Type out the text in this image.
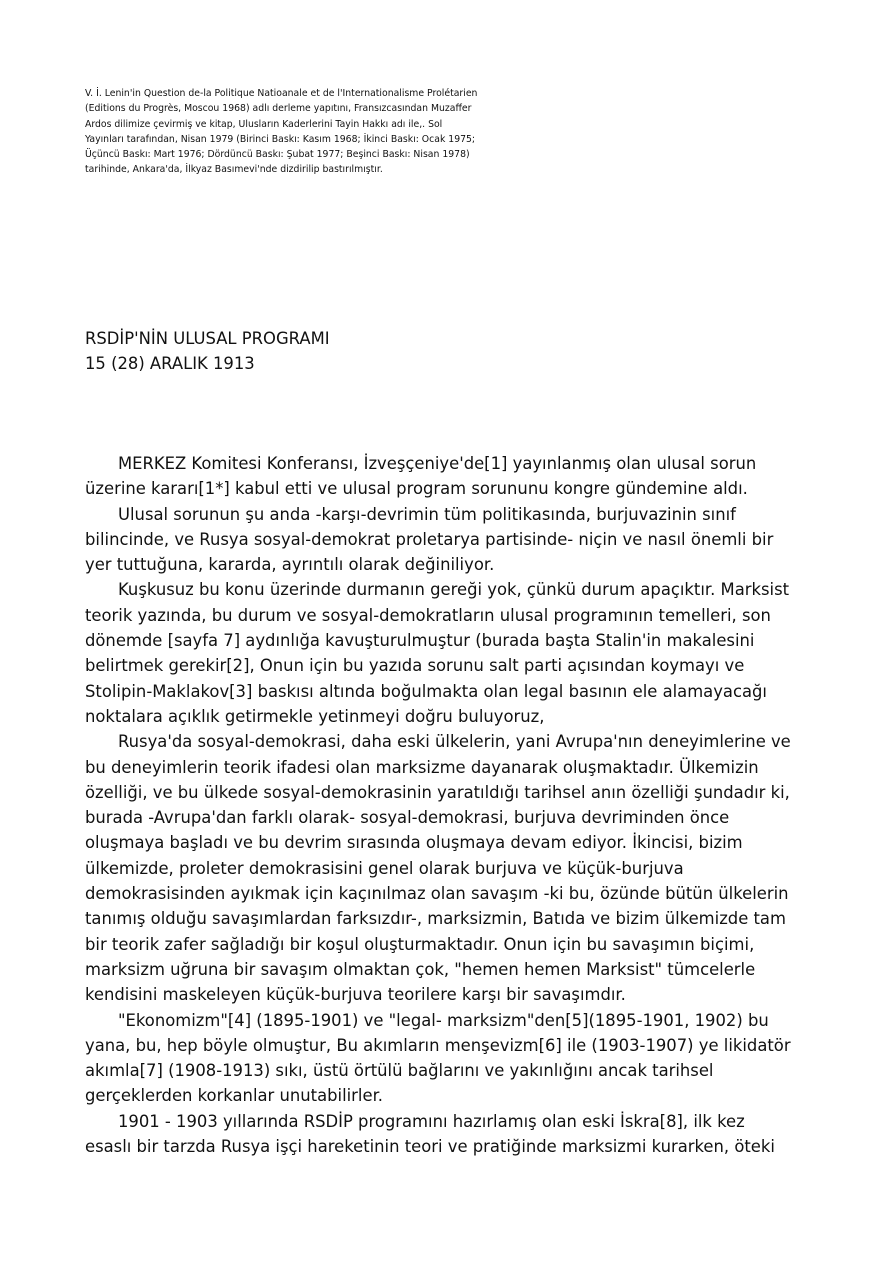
V. İ. Lenin'in Question de-la Politique Natioanale et de l'Internationalisme Prolétarien
(Editions du Progrès, Moscou 1968) adlı derleme yapıtını, Fransızcasından Muzaffer
Ardos dilimize çevirmiş ve kitap, Ulusların Kaderlerini Tayin Hakkı adı ile,. Sol
Yayınları tarafından, Nisan 1979 (Birinci Baskı: Kasım 1968; İkinci Baskı: Ocak 1975;
Üçüncü Baskı: Mart 1976; Dördüncü Baskı: Şubat 1977; Beşinci Baskı: Nisan 1978)
tarihinde, Ankara'da, İlkyaz Basımevi'nde dizdirilip bastırılmıştır.
RSDİP'NİN ULUSAL PROGRAMI
15 (28) ARALIK 1913
MERKEZ Komitesi Konferansı, İzveşçeniye'de[1] yayınlanmış olan ulusal sorun
üzerine kararı[1*] kabul etti ve ulusal program sorununu kongre gündemine aldı.
Ulusal sorunun şu anda -karşı-devrimin tüm politikasında, burjuvazinin sınıf
bilincinde, ve Rusya sosyal-demokrat proletarya partisinde- niçin ve nasıl önemli bir
yer tuttuğuna, kararda, ayrıntılı olarak değiniliyor.
Kuşkusuz bu konu üzerinde durmanın gereği yok, çünkü durum apaçıktır. Marksist
teorik yazında, bu durum ve sosyal-demokratların ulusal programının temelleri, son
dönemde [sayfa 7] aydınlığa kavuşturulmuştur (burada başta Stalin'in makalesini
belirtmek gerekir[2], Onun için bu yazıda sorunu salt parti açısından koymayı ve
Stolipin-Maklakov[3] baskısı altında boğulmakta olan legal basının ele alamayacağı
noktalara açıklık getirmekle yetinmeyi doğru buluyoruz,
Rusya'da sosyal-demokrasi, daha eski ülkelerin, yani Avrupa'nın deneyimlerine ve
bu deneyimlerin teorik ifadesi olan marksizme dayanarak oluşmaktadır. Ülkemizin
özelliği, ve bu ülkede sosyal-demokrasinin yaratıldığı tarihsel anın özelliği şundadır ki,
burada -Avrupa'dan farklı olarak- sosyal-demokrasi, burjuva devriminden önce
oluşmaya başladı ve bu devrim sırasında oluşmaya devam ediyor. İkincisi, bizim
ülkemizde, proleter demokrasisini genel olarak burjuva ve küçük-burjuva
demokrasisinden ayıkmak için kaçınılmaz olan savaşım -ki bu, özünde bütün ülkelerin
tanımış olduğu savaşımlardan farksızdır-, marksizmin, Batıda ve bizim ülkemizde tam
bir teorik zafer sağladığı bir koşul oluşturmaktadır. Onun için bu savaşımın biçimi,
marksizm uğruna bir savaşım olmaktan çok, "hemen hemen Marksist" tümcelerle
kendisini maskeleyen küçük-burjuva teorilere karşı bir savaşımdır.
"Ekonomizm"[4] (1895-1901) ve "legal- marksizm"den[5](1895-1901, 1902) bu
yana, bu, hep böyle olmuştur, Bu akımların menşevizm[6] ile (1903-1907) ye likidatör
akımla[7] (1908-1913) sıkı, üstü örtülü bağlarını ve yakınlığını ancak tarihsel
gerçeklerden korkanlar unutabilirler.
1901 - 1903 yıllarında RSDİP programını hazırlamış olan eski İskra[8], ilk kez
esaslı bir tarzda Rusya işçi hareketinin teori ve pratiğinde marksizmi kurarken, öteki
